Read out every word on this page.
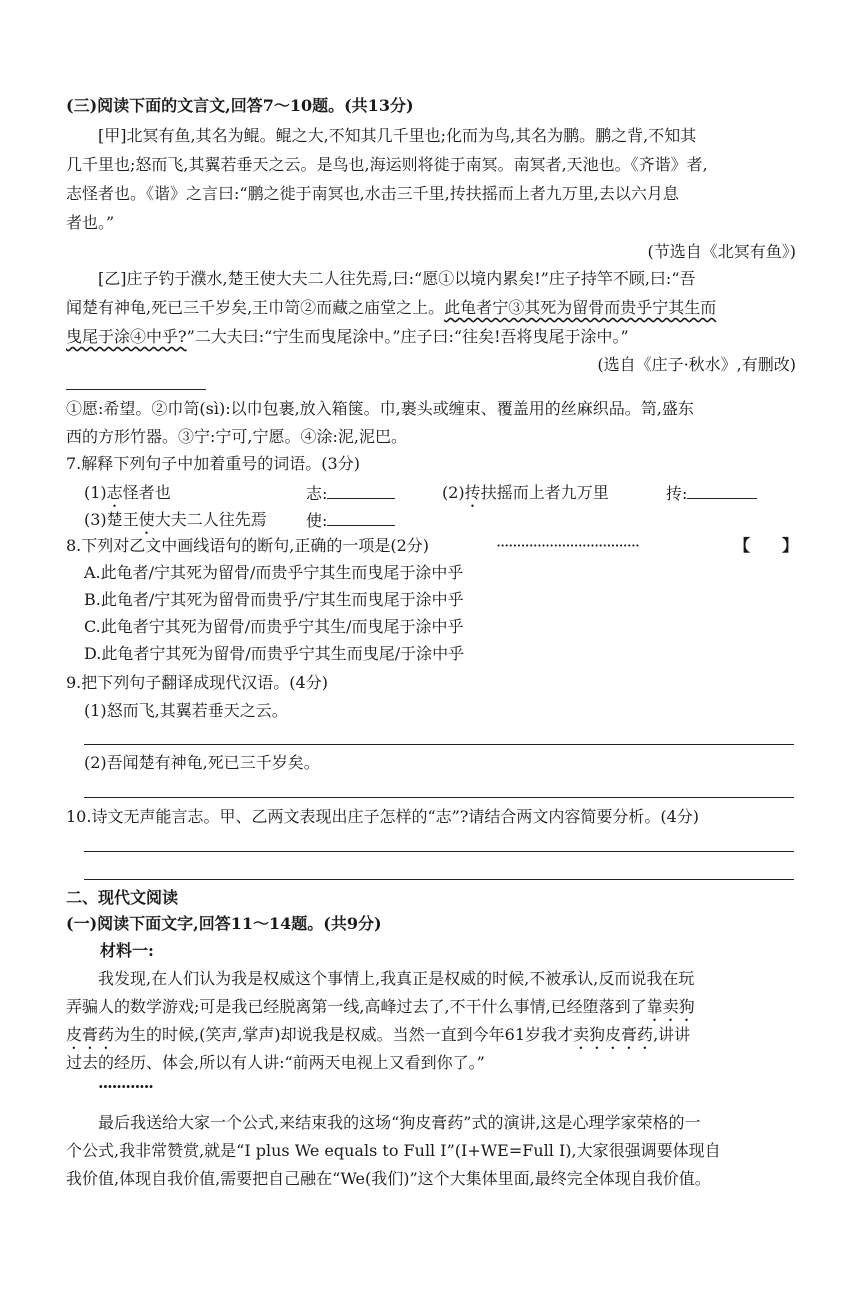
(三)阅读下面的文言文,回答7～10题。(共13分)
[甲]北冥有鱼,其名为鲲。鲲之大,不知其几千里也;化而为鸟,其名为鹏。鹏之背,不知其
几千里也;怒而飞,其翼若垂天之云。是鸟也,海运则将徙于南冥。南冥者,天池也。《齐谐》者,
志怪者也。《谐》之言曰:“鹏之徙于南冥也,水击三千里,抟扶摇而上者九万里,去以六月息
者也。”
(节选自《北冥有鱼》)
[乙]庄子钓于濮水,楚王使大夫二人往先焉,曰:“愿①以境内累矣!”庄子持竿不顾,曰:“吾
闻楚有神龟,死已三千岁矣,王巾笥②而藏之庙堂之上。此龟者宁③其死为留骨而贵乎宁其生而
曳尾于涂④中乎?”二大夫曰:“宁生而曳尾涂中。”庄子曰:“往矣!吾将曳尾于涂中。”
(选自《庄子·秋水》,有删改)
①愿:希望。②巾笥(sì):以巾包裹,放入箱箧。巾,裹头或缠束、覆盖用的丝麻织品。笥,盛东
西的方形竹器。③宁:宁可,宁愿。④涂:泥,泥巴。
7.解释下列句子中加着重号的词语。(3分)
(1)志怪者也	志:	(2)抟扶摇而上者九万里	抟:
(3)楚王使大夫二人往先焉 使:
8.下列对乙文中画线语句的断句,正确的一项是(2分)	···································	【　　】
A.此龟者/宁其死为留骨/而贵乎宁其生而曳尾于涂中乎
B.此龟者/宁其死为留骨而贵乎/宁其生而曳尾于涂中乎
C.此龟者宁其死为留骨/而贵乎宁其生/而曳尾于涂中乎
D.此龟者宁其死为留骨/而贵乎宁其生而曳尾/于涂中乎
9.把下列句子翻译成现代汉语。(4分)
(1)怒而飞,其翼若垂天之云。
(2)吾闻楚有神龟,死已三千岁矣。
10.诗文无声能言志。甲、乙两文表现出庄子怎样的“志”?请结合两文内容简要分析。(4分)
二、现代文阅读
(一)阅读下面文字,回答11～14题。(共9分)
材料一:
我发现,在人们认为我是权威这个事情上,我真正是权威的时候,不被承认,反而说我在玩
弄骗人的数学游戏;可是我已经脱离第一线,高峰过去了,不干什么事情,已经堕落到了靠卖狗
皮膏药为生的时候,(笑声,掌声)却说我是权威。当然一直到今年61岁我才卖狗皮膏药,讲讲
过去的经历、体会,所以有人讲:“前两天电视上又看到你了。”
············
最后我送给大家一个公式,来结束我的这场“狗皮膏药”式的演讲,这是心理学家荣格的一
个公式,我非常赞赏,就是“I plus We equals to Full I”(I+WE=Full I),大家很强调要体现自
我价值,体现自我价值,需要把自己融在“We(我们)”这个大集体里面,最终完全体现自我价值。
